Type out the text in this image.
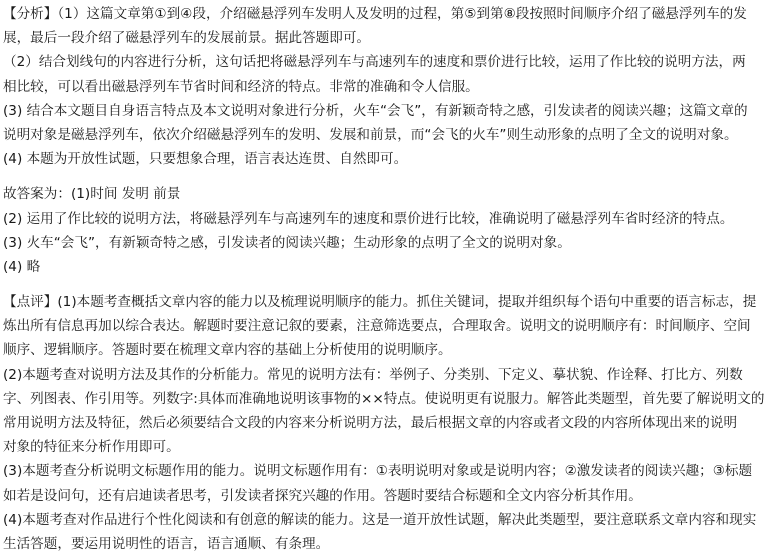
【分析】（1）这篇文章第①到④段，介绍磁悬浮列车发明人及发明的过程，第⑤到第⑧段按照时间顺序介绍了磁悬浮列车的发
展，最后一段介绍了磁悬浮列车的发展前景。据此答题即可。
（2）结合划线句的内容进行分析，这句话把将磁悬浮列车与高速列车的速度和票价进行比较，运用了作比较的说明方法，两
相比较，可以看出磁悬浮列车节省时间和经济的特点。非常的准确和令人信服。
(3) 结合本文题目自身语言特点及本文说明对象进行分析，火车“会飞”，有新颖奇特之感，引发读者的阅读兴趣；这篇文章的
说明对象是磁悬浮列车，依次介绍磁悬浮列车的发明、发展和前景，而“会飞的火车”则生动形象的点明了全文的说明对象。
(4) 本题为开放性试题，只要想象合理，语言表达连贯、自然即可。
故答案为：(1)时间 发明 前景
(2) 运用了作比较的说明方法，将磁悬浮列车与高速列车的速度和票价进行比较，准确说明了磁悬浮列车省时经济的特点。
(3) 火车“会飞”，有新颖奇特之感，引发读者的阅读兴趣；生动形象的点明了全文的说明对象。
(4) 略
【点评】(1)本题考查概括文章内容的能力以及梳理说明顺序的能力。抓住关键词，提取并组织每个语句中重要的语言标志，提
炼出所有信息再加以综合表达。解题时要注意记叙的要素，注意筛选要点，合理取舍。说明文的说明顺序有：时间顺序、空间
顺序、逻辑顺序。答题时要在梳理文章内容的基础上分析使用的说明顺序。
(2)本题考查对说明方法及其作的分析能力。常见的说明方法有：举例子、分类别、下定义、摹状貌、作诠释、打比方、列数
字、列图表、作引用等。列数字:具体而准确地说明该事物的××特点。使说明更有说服力。解答此类题型，首先要了解说明文的
常用说明方法及特征，然后必须要结合文段的内容来分析说明方法，最后根据文章的内容或者文段的内容所体现出来的说明
对象的特征来分析作用即可。
(3)本题考查分析说明文标题作用的能力。说明文标题作用有：①表明说明对象或是说明内容；②激发读者的阅读兴趣；③标题
如若是设问句，还有启迪读者思考，引发读者探究兴趣的作用。答题时要结合标题和全文内容分析其作用。
(4)本题考查对作品进行个性化阅读和有创意的解读的能力。这是一道开放性试题，解决此类题型，要注意联系文章内容和现实
生活答题，要运用说明性的语言，语言通顺、有条理。
